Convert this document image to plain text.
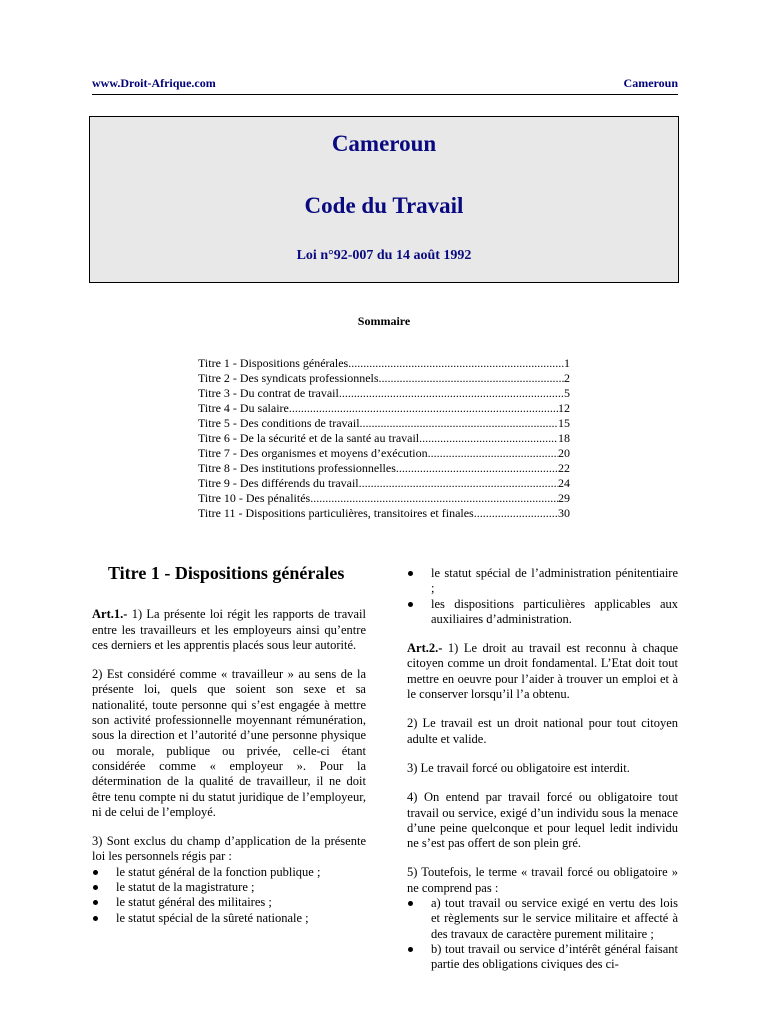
www.Droit-Afrique.com	Cameroun
Cameroun
Code du Travail
Loi n°92-007 du 14 août 1992
Sommaire
Titre 1 - Dispositions générales .....	1
Titre 2 - Des syndicats professionnels .....	2
Titre 3 - Du contrat de travail .....	5
Titre 4 - Du salaire .....	12
Titre 5 - Des conditions de travail .....	15
Titre 6 - De la sécurité et de la santé au travail .....	18
Titre 7 - Des organismes et moyens d’exécution .....	20
Titre 8 - Des institutions professionnelles .....	22
Titre 9 - Des différends du travail .....	24
Titre 10 - Des pénalités .....	29
Titre 11 - Dispositions particulières, transitoires et finales .....	30
Titre 1 - Dispositions générales

Art.1.- 1) La présente loi régit les rapports de travail entre les travailleurs et les employeurs ainsi qu’entre ces derniers et les apprentis placés sous leur autorité.

2) Est considéré comme « travailleur » au sens de la présente loi, quels que soient son sexe et sa nationalité, toute personne qui s’est engagée à mettre son activité professionnelle moyennant rémunération, sous la direction et l’autorité d’une personne physique ou morale, publique ou privée, celle-ci étant considérée comme « employeur ». Pour la détermination de la qualité de travailleur, il ne doit être tenu compte ni du statut juridique de l’employeur, ni de celui de l’employé.

3) Sont exclus du champ d’application de la présente loi les personnels régis par :

le statut général de la fonction publique ;
le statut de la magistrature ;
le statut général des militaires ;
le statut spécial de la sûreté nationale ;
le statut spécial de l’administration pénitentiaire ;
les dispositions particulières applicables aux auxiliaires d’administration.

Art.2.- 1) Le droit au travail est reconnu à chaque citoyen comme un droit fondamental. L’Etat doit tout mettre en oeuvre pour l’aider à trouver un emploi et à le conserver lorsqu’il l’a obtenu.

2) Le travail est un droit national pour tout citoyen adulte et valide.

3) Le travail forcé ou obligatoire est interdit.

4) On entend par travail forcé ou obligatoire tout travail ou service, exigé d’un individu sous la menace d’une peine quelconque et pour lequel ledit individu ne s’est pas offert de son plein gré.

5) Toutefois, le terme « travail forcé ou obligatoire » ne comprend pas :

a) tout travail ou service exigé en vertu des lois et règlements sur le service militaire et affecté à des travaux de caractère purement militaire ;
b) tout travail ou service d’intérêt général faisant partie des obligations civiques des ci-
